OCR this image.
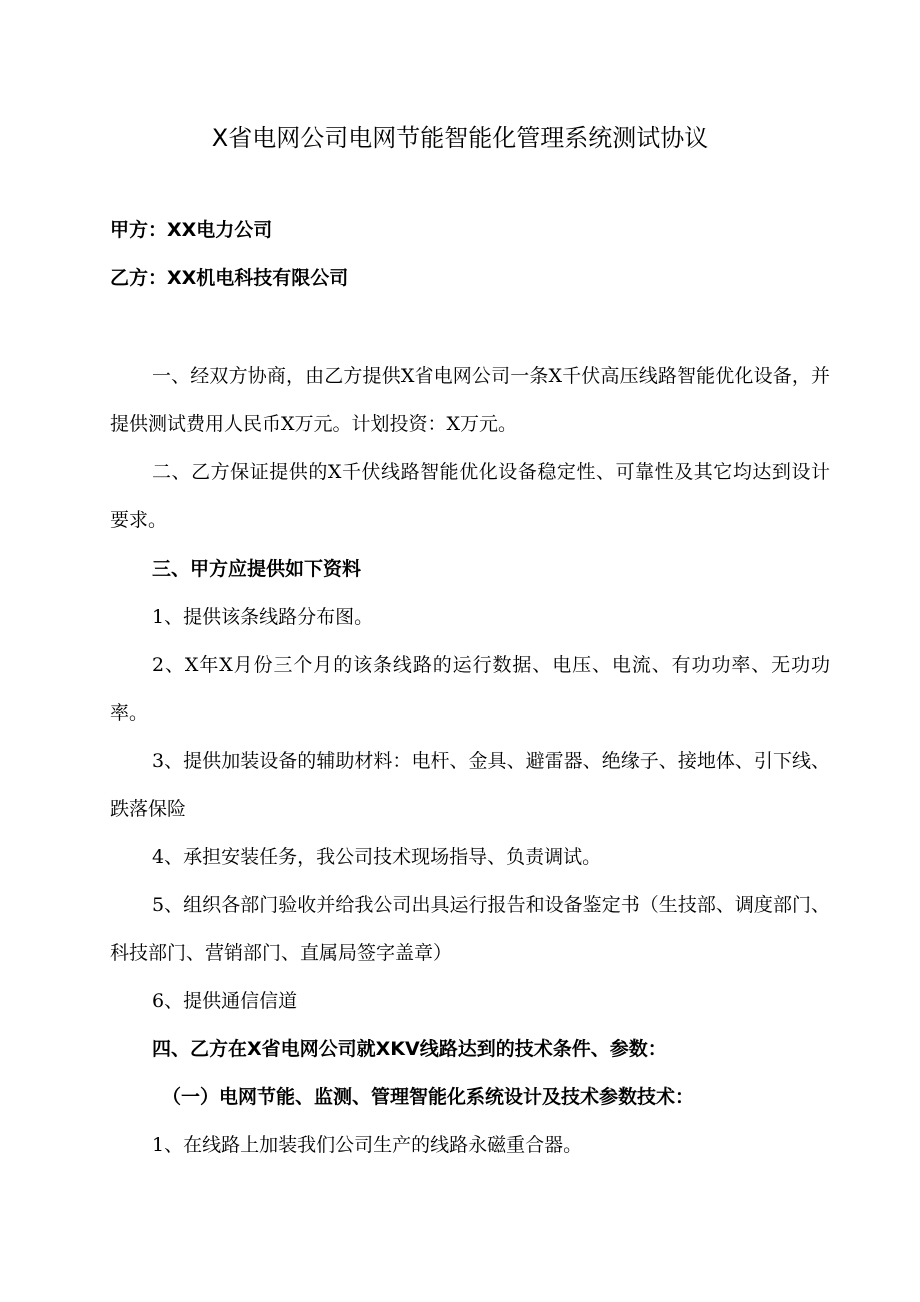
X省电网公司电网节能智能化管理系统测试协议

甲方：XX电力公司

乙方：XX机电科技有限公司

一、经双方协商，由乙方提供X省电网公司一条X千伏高压线路智能优化设备，并提供测试费用人民币X万元。计划投资：X万元。

二、乙方保证提供的X千伏线路智能优化设备稳定性、可靠性及其它均达到设计要求。

三、甲方应提供如下资料

1、提供该条线路分布图。

2、X年X月份三个月的该条线路的运行数据、电压、电流、有功功率、无功功率。

3、提供加装设备的辅助材料：电杆、金具、避雷器、绝缘子、接地体、引下线、跌落保险

4、承担安装任务，我公司技术现场指导、负责调试。

5、组织各部门验收并给我公司出具运行报告和设备鉴定书（生技部、调度部门、科技部门、营销部门、直属局签字盖章）

6、提供通信信道

四、乙方在X省电网公司就XKV线路达到的技术条件、参数：

（一）电网节能、监测、管理智能化系统设计及技术参数技术：

1、在线路上加装我们公司生产的线路永磁重合器。
